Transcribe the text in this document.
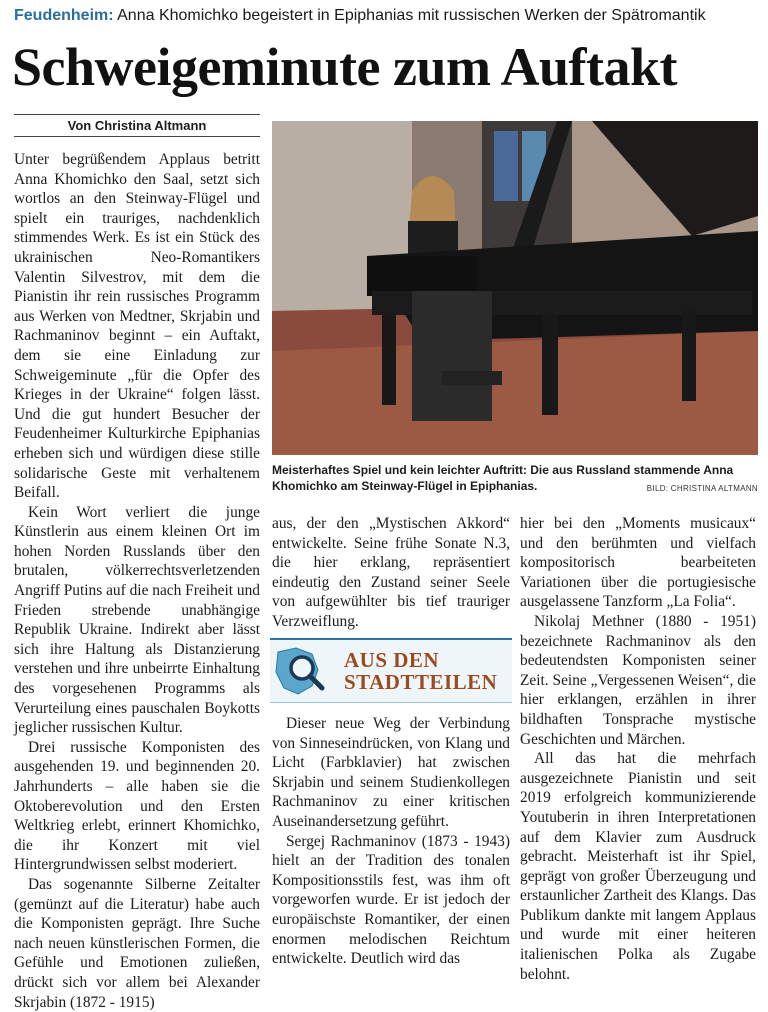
Feudenheim: Anna Khomichko begeistert in Epiphanias mit russischen Werken der Spätromantik
Schweigeminute zum Auftakt
Von Christina Altmann

Unter begrüßendem Applaus betritt Anna Khomichko den Saal, setzt sich wortlos an den Steinway-Flügel und spielt ein trauriges, nachdenklich stimmendes Werk. Es ist ein Stück des ukrainischen Neo-Romantikers Valentin Silvestrov, mit dem die Pianistin ihr rein russisches Programm aus Werken von Medtner, Skrjabin und Rachmaninov beginnt – ein Auftakt, dem sie eine Einladung zur Schweigeminute „für die Opfer des Krieges in der Ukraine“ folgen lässt. Und die gut hundert Besucher der Feudenheimer Kulturkirche Epiphanias erheben sich und würdigen diese stille solidarische Geste mit verhaltenem Beifall.

Kein Wort verliert die junge Künstlerin aus einem kleinen Ort im hohen Norden Russlands über den brutalen, völkerrechtsverletzenden Angriff Putins auf die nach Freiheit und Frieden strebende unabhängige Republik Ukraine. Indirekt aber lässt sich ihre Haltung als Distanzierung verstehen und ihre unbeirrte Einhaltung des vorgesehenen Programms als Verurteilung eines pauschalen Boykotts jeglicher russischen Kultur.

Drei russische Komponisten des ausgehenden 19. und beginnenden 20. Jahrhunderts – alle haben sie die Oktoberevolution und den Ersten Weltkrieg erlebt, erinnert Khomichko, die ihr Konzert mit viel Hintergrundwissen selbst moderiert.

Das sogenannte Silberne Zeitalter (gemünzt auf die Literatur) habe auch die Komponisten geprägt. Ihre Suche nach neuen künstlerischen Formen, die Gefühle und Emotionen zuließen, drückt sich vor allem bei Alexander Skrjabin (1872 - 1915)

Meisterhaftes Spiel und kein leichter Auftritt: Die aus Russland stammende Anna Khomichko am Steinway-Flügel in Epiphanias.	BILD: CHRISTINA ALTMANN

aus, der den „Mystischen Akkord“ entwickelte. Seine frühe Sonate N.3, die hier erklang, repräsentiert eindeutig den Zustand seiner Seele von aufgewühlter bis tief trauriger Verzweiflung.

AUS DEN
STADTTEILEN

Dieser neue Weg der Verbindung von Sinneseindrücken, von Klang und Licht (Farbklavier) hat zwischen Skrjabin und seinem Studienkollegen Rachmaninov zu einer kritischen Auseinandersetzung geführt.

Sergej Rachmaninov (1873 - 1943) hielt an der Tradition des tonalen Kompositionsstils fest, was ihm oft vorgeworfen wurde. Er ist jedoch der europäischste Romantiker, der einen enormen melodischen Reichtum entwickelte. Deutlich wird das

hier bei den „Moments musicaux“ und den berühmten und vielfach kompositorisch bearbeiteten Variationen über die portugiesische ausgelassene Tanzform „La Folia“.

Nikolaj Methner (1880 - 1951) bezeichnete Rachmaninov als den bedeutendsten Komponisten seiner Zeit. Seine „Vergessenen Weisen“, die hier erklangen, erzählen in ihrer bildhaften Tonsprache mystische Geschichten und Märchen.

All das hat die mehrfach ausgezeichnete Pianistin und seit 2019 erfolgreich kommunizierende Youtuberin in ihren Interpretationen auf dem Klavier zum Ausdruck gebracht. Meisterhaft ist ihr Spiel, geprägt von großer Überzeugung und erstaunlicher Zartheit des Klangs. Das Publikum dankte mit langem Applaus und wurde mit einer heiteren italienischen Polka als Zugabe belohnt.
